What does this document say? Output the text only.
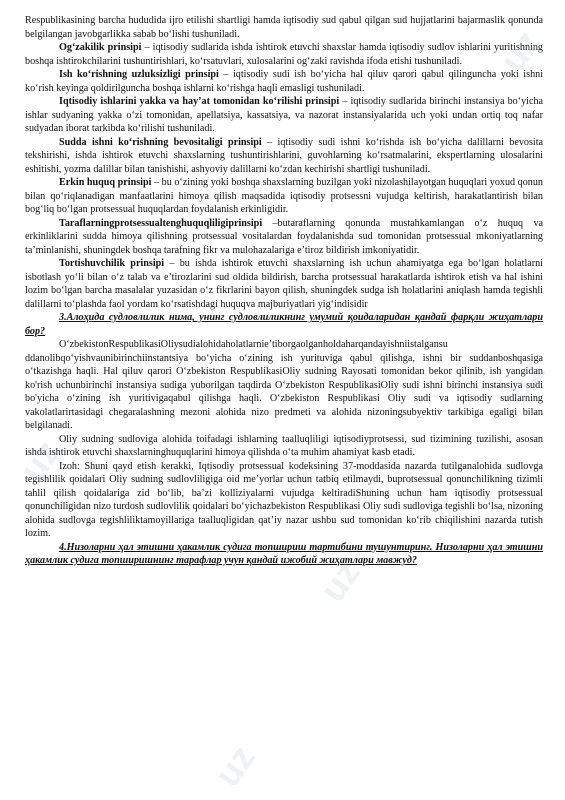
Respublikasining barcha hududida ijro etilishi shartligi hamda iqtisodiy sud qabul qilgan sud hujjatlarini bajarmaslik qonunda belgilangan javobgarlikka sabab bo‘lishi tushuniladi.

Og‘zakilik prinsipi – iqtisodiy sudlarida ishda ishtirok etuvchi shaxslar hamda iqtisodiy sudlov ishlarini yuritishning boshqa ishtirokchilarini tushuntirishlari, ko‘rsatuvlari, xulosalarini og‘zaki ravishda ifoda etishi tushuniladi.

Ish ko‘rishning uzluksizligi prinsipi – iqtisodiy sudi ish bo‘yicha hal qiluv qarori qabul qilinguncha yoki ishni ko‘rish keyinga qoldirilguncha boshqa ishlarni ko‘rishga haqli emasligi tushuniladi.

Iqtisodiy ishlarini yakka va hay’at tomonidan ko‘rilishi prinsipi – iqtisodiy sudlarida birinchi instansiya bo‘yicha ishlar sudyaning yakka o‘zi tomonidan, apellatsiya, kassatsiya, va nazorat instansiyalarida uch yoki undan ortiq toq nafar sudyadan iborat tarkibda ko‘rilishi tushuniladi.

Sudda ishni ko‘rishning bevositaligi prinsipi – iqtisodiy sudi ishni ko‘rishda ish bo‘yicha dalillarni bevosita tekshirishi, ishda ishtirok etuvchi shaxslarning tushuntirishlarini, guvohlarning ko‘rsatmalarini, ekspertlarning ulosalarini eshitishi, yozma dalillar bilan tanishishi, ashyoviy dalillarni ko‘zdan kechirishi shartligi tushuniladi.

Erkin huquq prinsipi – bu o‘zining yoki boshqa shaxslarning buzilgan yoki nizolashilayotgan huquqlari yoxud qonun bilan qo‘riqlanadigan manfaatlarini himoya qilish maqsadida iqtisodiy protsessni vujudga keltirish, harakatlantirish bilan bog‘liq bo‘lgan protsessual huquqlardan foydalanish erkinligidir.

Taraflarningprotsessualtenghuquqliligiprinsipi –butaraflarning qonunda mustahkamlangan o‘z huquq va erkinliklarini sudda himoya qilishning protsessual vositalardan foydalanishda sud tomonidan protsessual mkoniyatlarning ta’minlanishi, shuningdek boshqa tarafning fikr va mulohazalariga e’tiroz bildirish imkoniyatidir.

Tortishuvchilik prinsipi – bu ishda ishtirok etuvchi shaxslarning ish uchun ahamiyatga ega bo‘lgan holatlarni isbotlash yo‘li bilan o‘z talab va e’tirozlarini sud oldida bildirish, barcha protsessual harakatlarda ishtirok etish va hal ishini lozim bo‘lgan barcha masalalar yuzasidan o‘z fikrlarini bayon qilish, shuningdek sudga ish holatlarini aniqlash hamda tegishli dalillarni to‘plashda faol yordam ko‘rsatishdagi huquqva majburiyatlari yig‘indisidir

3.Алоҳида судловлилик нима, унинг судловлиликнинг умумий қоидаларидан қандай фарқли жиҳатлари бор?

O‘zbekistonRespublikasiOliysudialohidaholatlarnie’tiborgaolganholdaharqandayishniistalgansu ddanolibqo‘yishvaunibirinchiinstantsiya bo‘yicha o‘zining ish yurituviga qabul qilishga, ishni bir suddanboshqasiga o‘tkazishga haqli. Hal qiluv qarori O‘zbekiston RespublikasiOliy sudning Rayosati tomonidan bekor qilinib, ish yangidan ko'rish uchunbirinchi instansiya sudiga yuborilgan taqdirda O‘zbekiston RespublikasiOliy sudi ishni birinchi instansiya sudi bo'yicha o‘zining ish yuritivigaqabul qilishga haqli. O‘zbekiston Respublikasi Oliy sudi va iqtisodiy sudlarning vakolatlarirtasidagi chegaralashning mezoni alohida nizo predmeti va alohida nizoningsubyektiv tarkibiga egaligi bilan belgilanadi.

Oliy sudning sudloviga alohida toifadagi ishlarning taalluqliligi iqtisodiyprotsessi, sud tizimining tuzilishi, asosan ishda ishtirok etuvchi shaxslarninghuquqlarini himoya qilishda o‘ta muhim ahamiyat kasb etadi.

Izoh: Shuni qayd etish kerakki, Iqtisodiy protsessual kodeksining 37-moddasida nazarda tutilganalohida sudlovga tegishlilik qoidalari Oliy sudning sudlovliligiga oid me’yorlar uchun tatbiq etilmaydi, buprotsessual qonunchilikning tizimli tahlil qilish qoidalariga zid bo‘lib, ba’zi kolliziyalarni vujudga keltiradiShuning uchun ham iqtisodiy protsessual qonunchiligidan nizo turdosh sudlovlilik qoidalari bo‘yichazbekiston Respublikasi Oliy sudi sudloviga tegishli bo‘lsa, nizoning alohida sudlovga tegishliliktamoyillariga taalluqligidan qat’iy nazar ushbu sud tomonidan ko‘rib chiqilishini nazarda tutish lozim.

4.Низоларни ҳал этишни ҳакамлик судига топшириш тартибини тушунтиринг. Низоларни ҳал этишни ҳакамлик судига топширишнинг тарафлар учун қандай ижобий жиҳатлари мавжуд?

uz
uz
uz
uz
uz
